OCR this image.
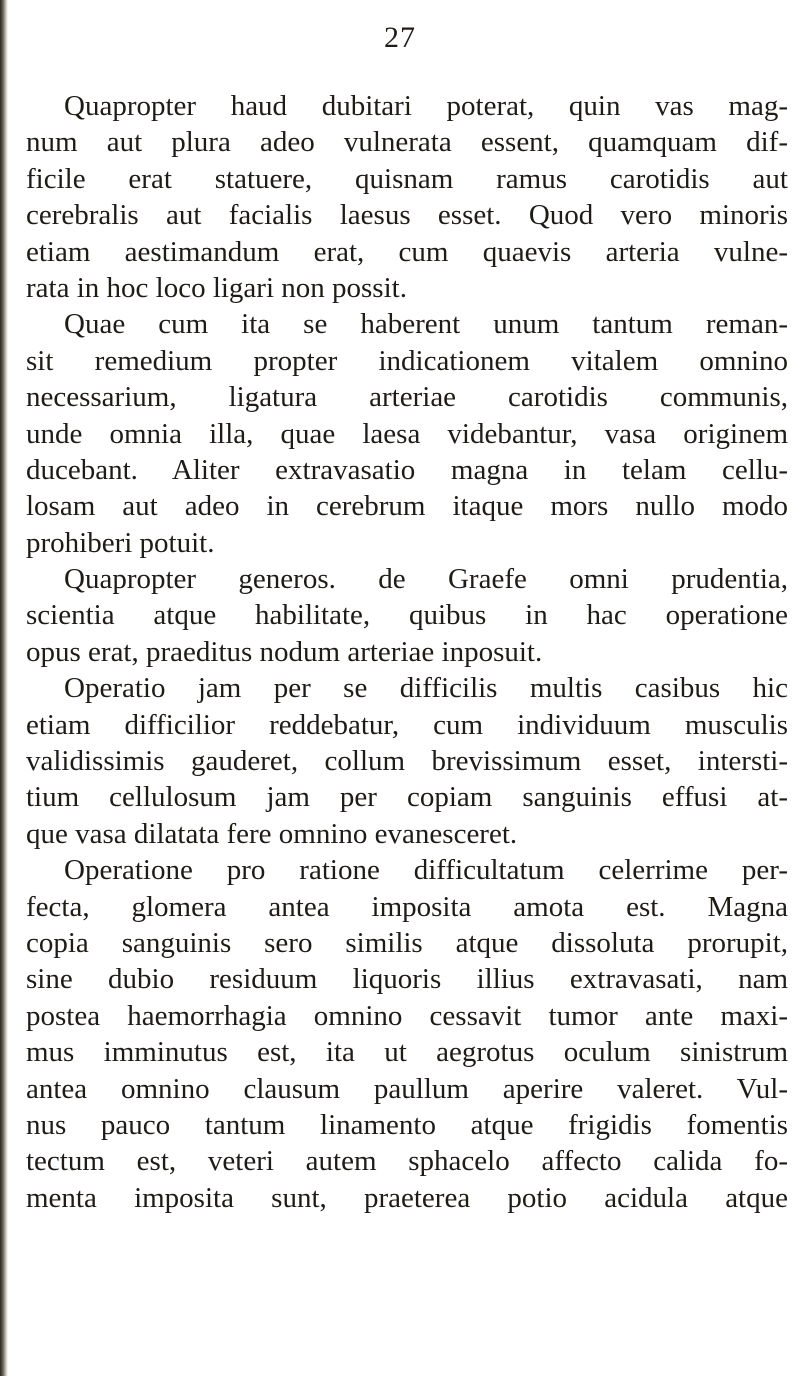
27
Quapropter haud dubitari poterat, quin vas mag-
num aut plura adeo vulnerata essent, quamquam dif-
ficile erat statuere, quisnam ramus carotidis aut
cerebralis aut facialis laesus esset. Quod vero minoris
etiam aestimandum erat, cum quaevis arteria vulne-
rata in hoc loco ligari non possit.
Quae cum ita se haberent unum tantum reman-
sit remedium propter indicationem vitalem omnino
necessarium, ligatura arteriae carotidis communis,
unde omnia illa, quae laesa videbantur, vasa originem
ducebant. Aliter extravasatio magna in telam cellu-
losam aut adeo in cerebrum itaque mors nullo modo
prohiberi potuit.
Quapropter generos. de Graefe omni prudentia,
scientia atque habilitate, quibus in hac operatione
opus erat, praeditus nodum arteriae inposuit.
Operatio jam per se difficilis multis casibus hic
etiam difficilior reddebatur, cum individuum musculis
validissimis gauderet, collum brevissimum esset, intersti-
tium cellulosum jam per copiam sanguinis effusi at-
que vasa dilatata fere omnino evanesceret.
Operatione pro ratione difficultatum celerrime per-
fecta, glomera antea imposita amota est. Magna
copia sanguinis sero similis atque dissoluta prorupit,
sine dubio residuum liquoris illius extravasati, nam
postea haemorrhagia omnino cessavit tumor ante maxi-
mus imminutus est, ita ut aegrotus oculum sinistrum
antea omnino clausum paullum aperire valeret. Vul-
nus pauco tantum linamento atque frigidis fomentis
tectum est, veteri autem sphacelo affecto calida fo-
menta imposita sunt, praeterea potio acidula atque
